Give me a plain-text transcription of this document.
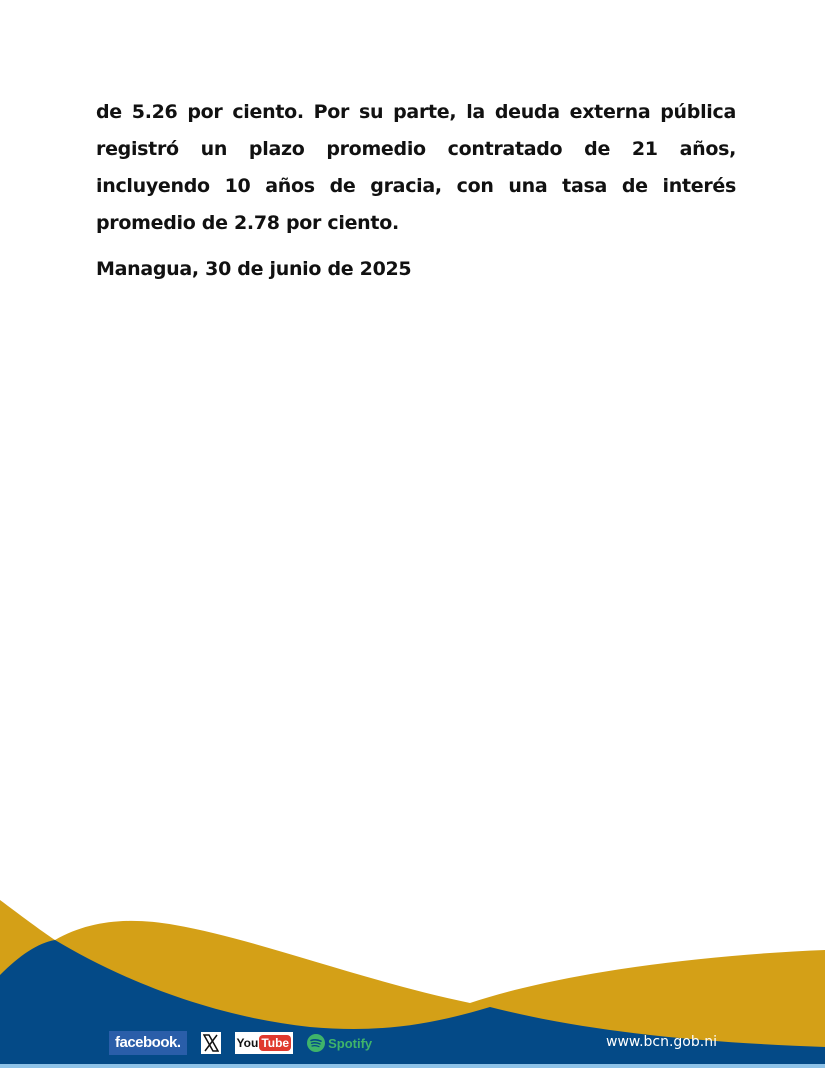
de 5.26 por ciento. Por su parte, la deuda externa pública registró un plazo promedio contratado de 21 años, incluyendo 10 años de gracia, con una tasa de interés promedio de 2.78 por ciento.

Managua, 30 de junio de 2025

facebook.	You Tube	Spotify	www.bcn.gob.ni
